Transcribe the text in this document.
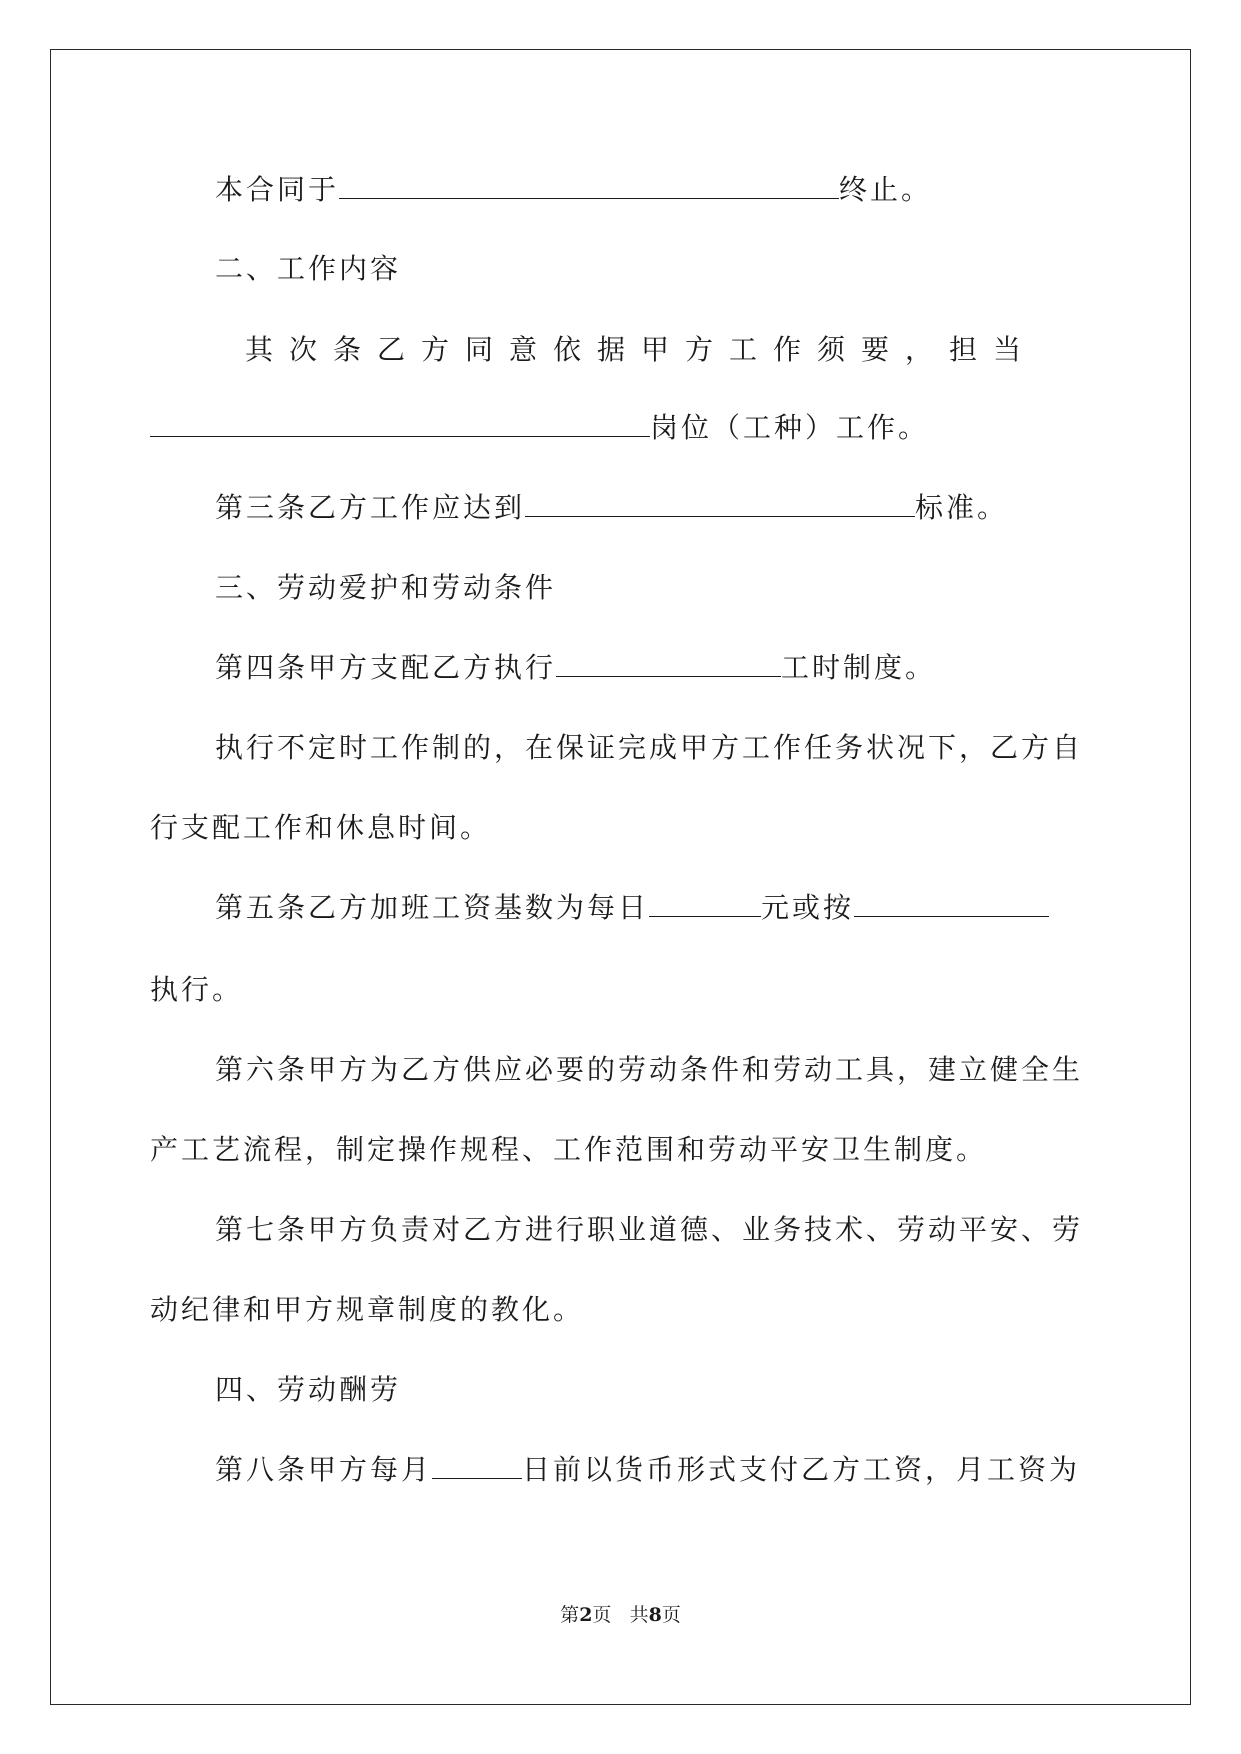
本合同于	终止。

二、工作内容

其次条乙方同意依据甲方工作须要，担当

岗位（工种）工作。

第三条乙方工作应达到	标准。

三、劳动爱护和劳动条件

第四条甲方支配乙方执行	工时制度。

执行不定时工作制的，在保证完成甲方工作任务状况下，乙方自

行支配工作和休息时间。

第五条乙方加班工资基数为每日	元或按

执行。

第六条甲方为乙方供应必要的劳动条件和劳动工具，建立健全生

产工艺流程，制定操作规程、工作范围和劳动平安卫生制度。

第七条甲方负责对乙方进行职业道德、业务技术、劳动平安、劳

动纪律和甲方规章制度的教化。

四、劳动酬劳

第八条甲方每月	日前以货币形式支付乙方工资，月工资为

第2页 共8页
